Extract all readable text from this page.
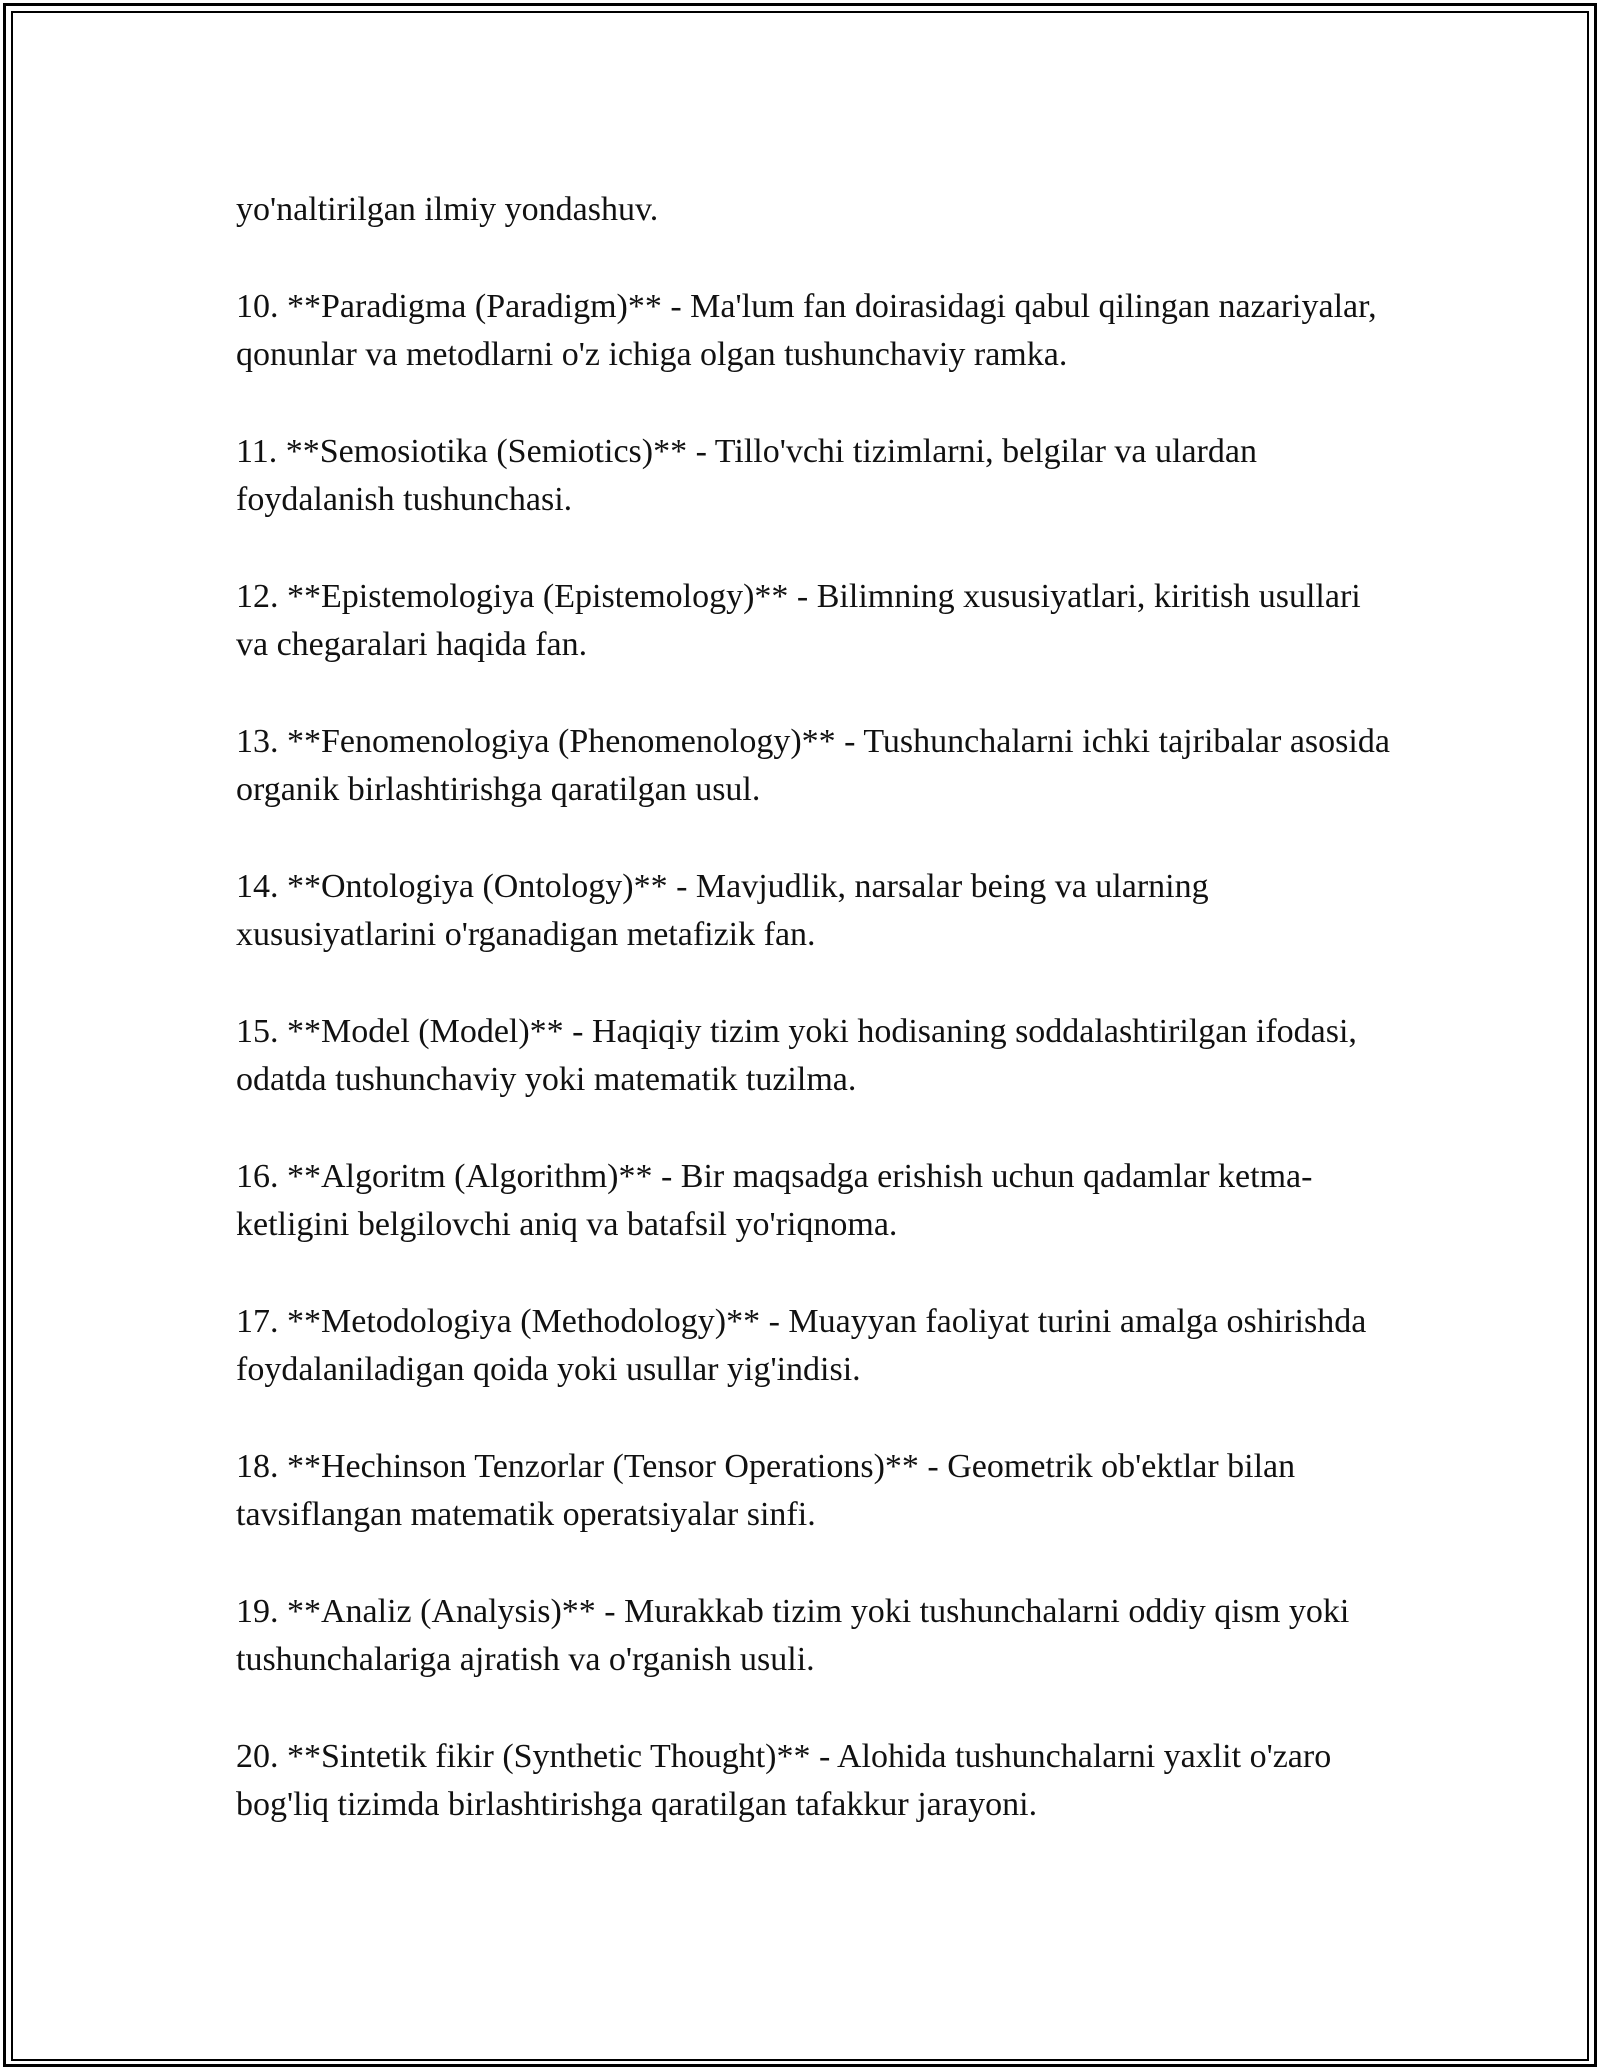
yo'naltirilgan ilmiy yondashuv.

10. **Paradigma (Paradigm)** - Ma'lum fan doirasidagi qabul qilingan nazariyalar, qonunlar va metodlarni o'z ichiga olgan tushunchaviy ramka.

11. **Semosiotika (Semiotics)** - Tillo'vchi tizimlarni, belgilar va ulardan foydalanish tushunchasi.

12. **Epistemologiya (Epistemology)** - Bilimning xususiyatlari, kiritish usullari va chegaralari haqida fan.

13. **Fenomenologiya (Phenomenology)** - Tushunchalarni ichki tajribalar asosida organik birlashtirishga qaratilgan usul.

14. **Ontologiya (Ontology)** - Mavjudlik, narsalar being va ularning xususiyatlarini o'rganadigan metafizik fan.

15. **Model (Model)** - Haqiqiy tizim yoki hodisaning soddalashtirilgan ifodasi, odatda tushunchaviy yoki matematik tuzilma.

16. **Algoritm (Algorithm)** - Bir maqsadga erishish uchun qadamlar ketma-ketligini belgilovchi aniq va batafsil yo'riqnoma.

17. **Metodologiya (Methodology)** - Muayyan faoliyat turini amalga oshirishda foydalaniladigan qoida yoki usullar yig'indisi.

18. **Hechinson Tenzorlar (Tensor Operations)** - Geometrik ob'ektlar bilan tavsiflangan matematik operatsiyalar sinfi.

19. **Analiz (Analysis)** - Murakkab tizim yoki tushunchalarni oddiy qism yoki tushunchalariga ajratish va o'rganish usuli.

20. **Sintetik fikir (Synthetic Thought)** - Alohida tushunchalarni yaxlit o'zaro bog'liq tizimda birlashtirishga qaratilgan tafakkur jarayoni.
